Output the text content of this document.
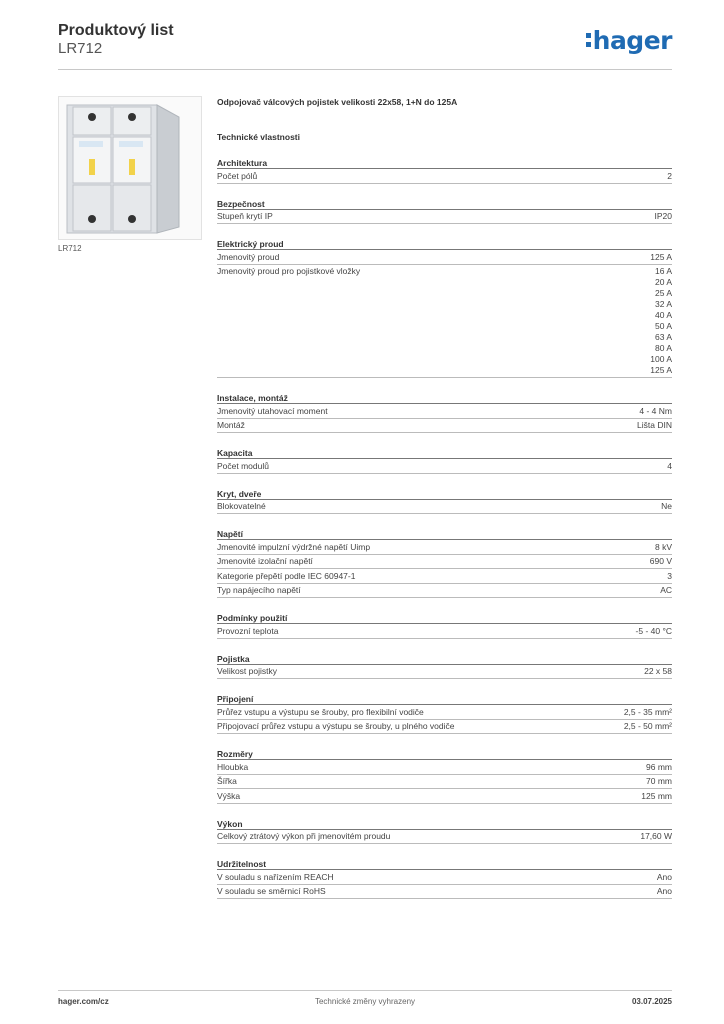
Produktový list
LR712	hager
LR712
Odpojovač válcových pojistek velikosti 22x58, 1+N do 125A
Technické vlastnosti
Architektura
Počet pólů	2
Bezpečnost
Stupeň krytí IP	IP20
Elektrický proud
Jmenovitý proud	125 A
Jmenovitý proud pro pojistkové vložky	16 A
20 A
25 A
32 A
40 A
50 A
63 A
80 A
100 A
125 A
Instalace, montáž
Jmenovitý utahovací moment	4 - 4 Nm
Montáž	Lišta DIN
Kapacita
Počet modulů	4
Kryt, dveře
Blokovatelné	Ne
Napětí
Jmenovité impulzní výdržné napětí Uimp	8 kV
Jmenovité izolační napětí	690 V
Kategorie přepětí podle IEC 60947-1	3
Typ napájecího napětí	AC
Podmínky použití
Provozní teplota	-5 - 40 °C
Pojistka
Velikost pojistky	22 x 58
Připojení
Průřez vstupu a výstupu se šrouby, pro flexibilní vodiče	2,5 - 35 mm²
Připojovací průřez vstupu a výstupu se šrouby, u plného vodiče	2,5 - 50 mm²
Rozměry
Hloubka	96 mm
Šířka	70 mm
Výška	125 mm
Výkon
Celkový ztrátový výkon při jmenovitém proudu	17,60 W
Udržitelnost
V souladu s nařízením REACH	Ano
V souladu se směrnicí RoHS	Ano
hager.com/cz	Technické změny vyhrazeny	03.07.2025
